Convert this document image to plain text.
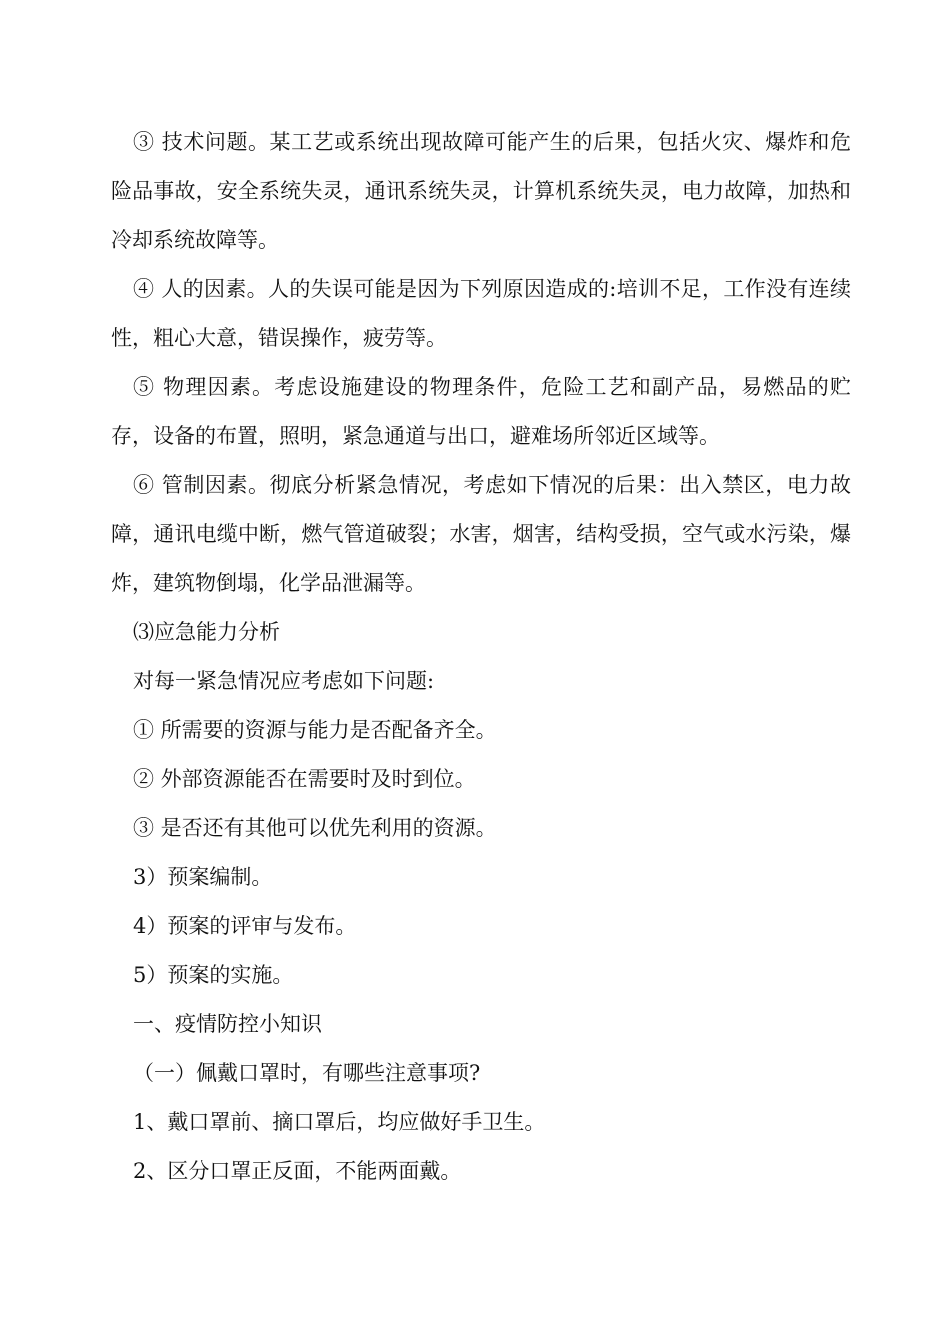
③ 技术问题。某工艺或系统出现故障可能产生的后果，包括火灾、爆炸和危险品事故，安全系统失灵，通讯系统失灵，计算机系统失灵，电力故障，加热和冷却系统故障等。

④ 人的因素。人的失误可能是因为下列原因造成的:培训不足，工作没有连续性，粗心大意，错误操作，疲劳等。

⑤ 物理因素。考虑设施建设的物理条件，危险工艺和副产品，易燃品的贮存，设备的布置，照明，紧急通道与出口，避难场所邻近区域等。

⑥ 管制因素。彻底分析紧急情况，考虑如下情况的后果：出入禁区，电力故障，通讯电缆中断，燃气管道破裂；水害，烟害，结构受损，空气或水污染，爆炸，建筑物倒塌，化学品泄漏等。

⑶应急能力分析

对每一紧急情况应考虑如下问题:

① 所需要的资源与能力是否配备齐全。

② 外部资源能否在需要时及时到位。

③ 是否还有其他可以优先利用的资源。

3）预案编制。

4）预案的评审与发布。

5）预案的实施。

一、疫情防控小知识

（一）佩戴口罩时，有哪些注意事项?

1、戴口罩前、摘口罩后，均应做好手卫生。

2、区分口罩正反面，不能两面戴。
